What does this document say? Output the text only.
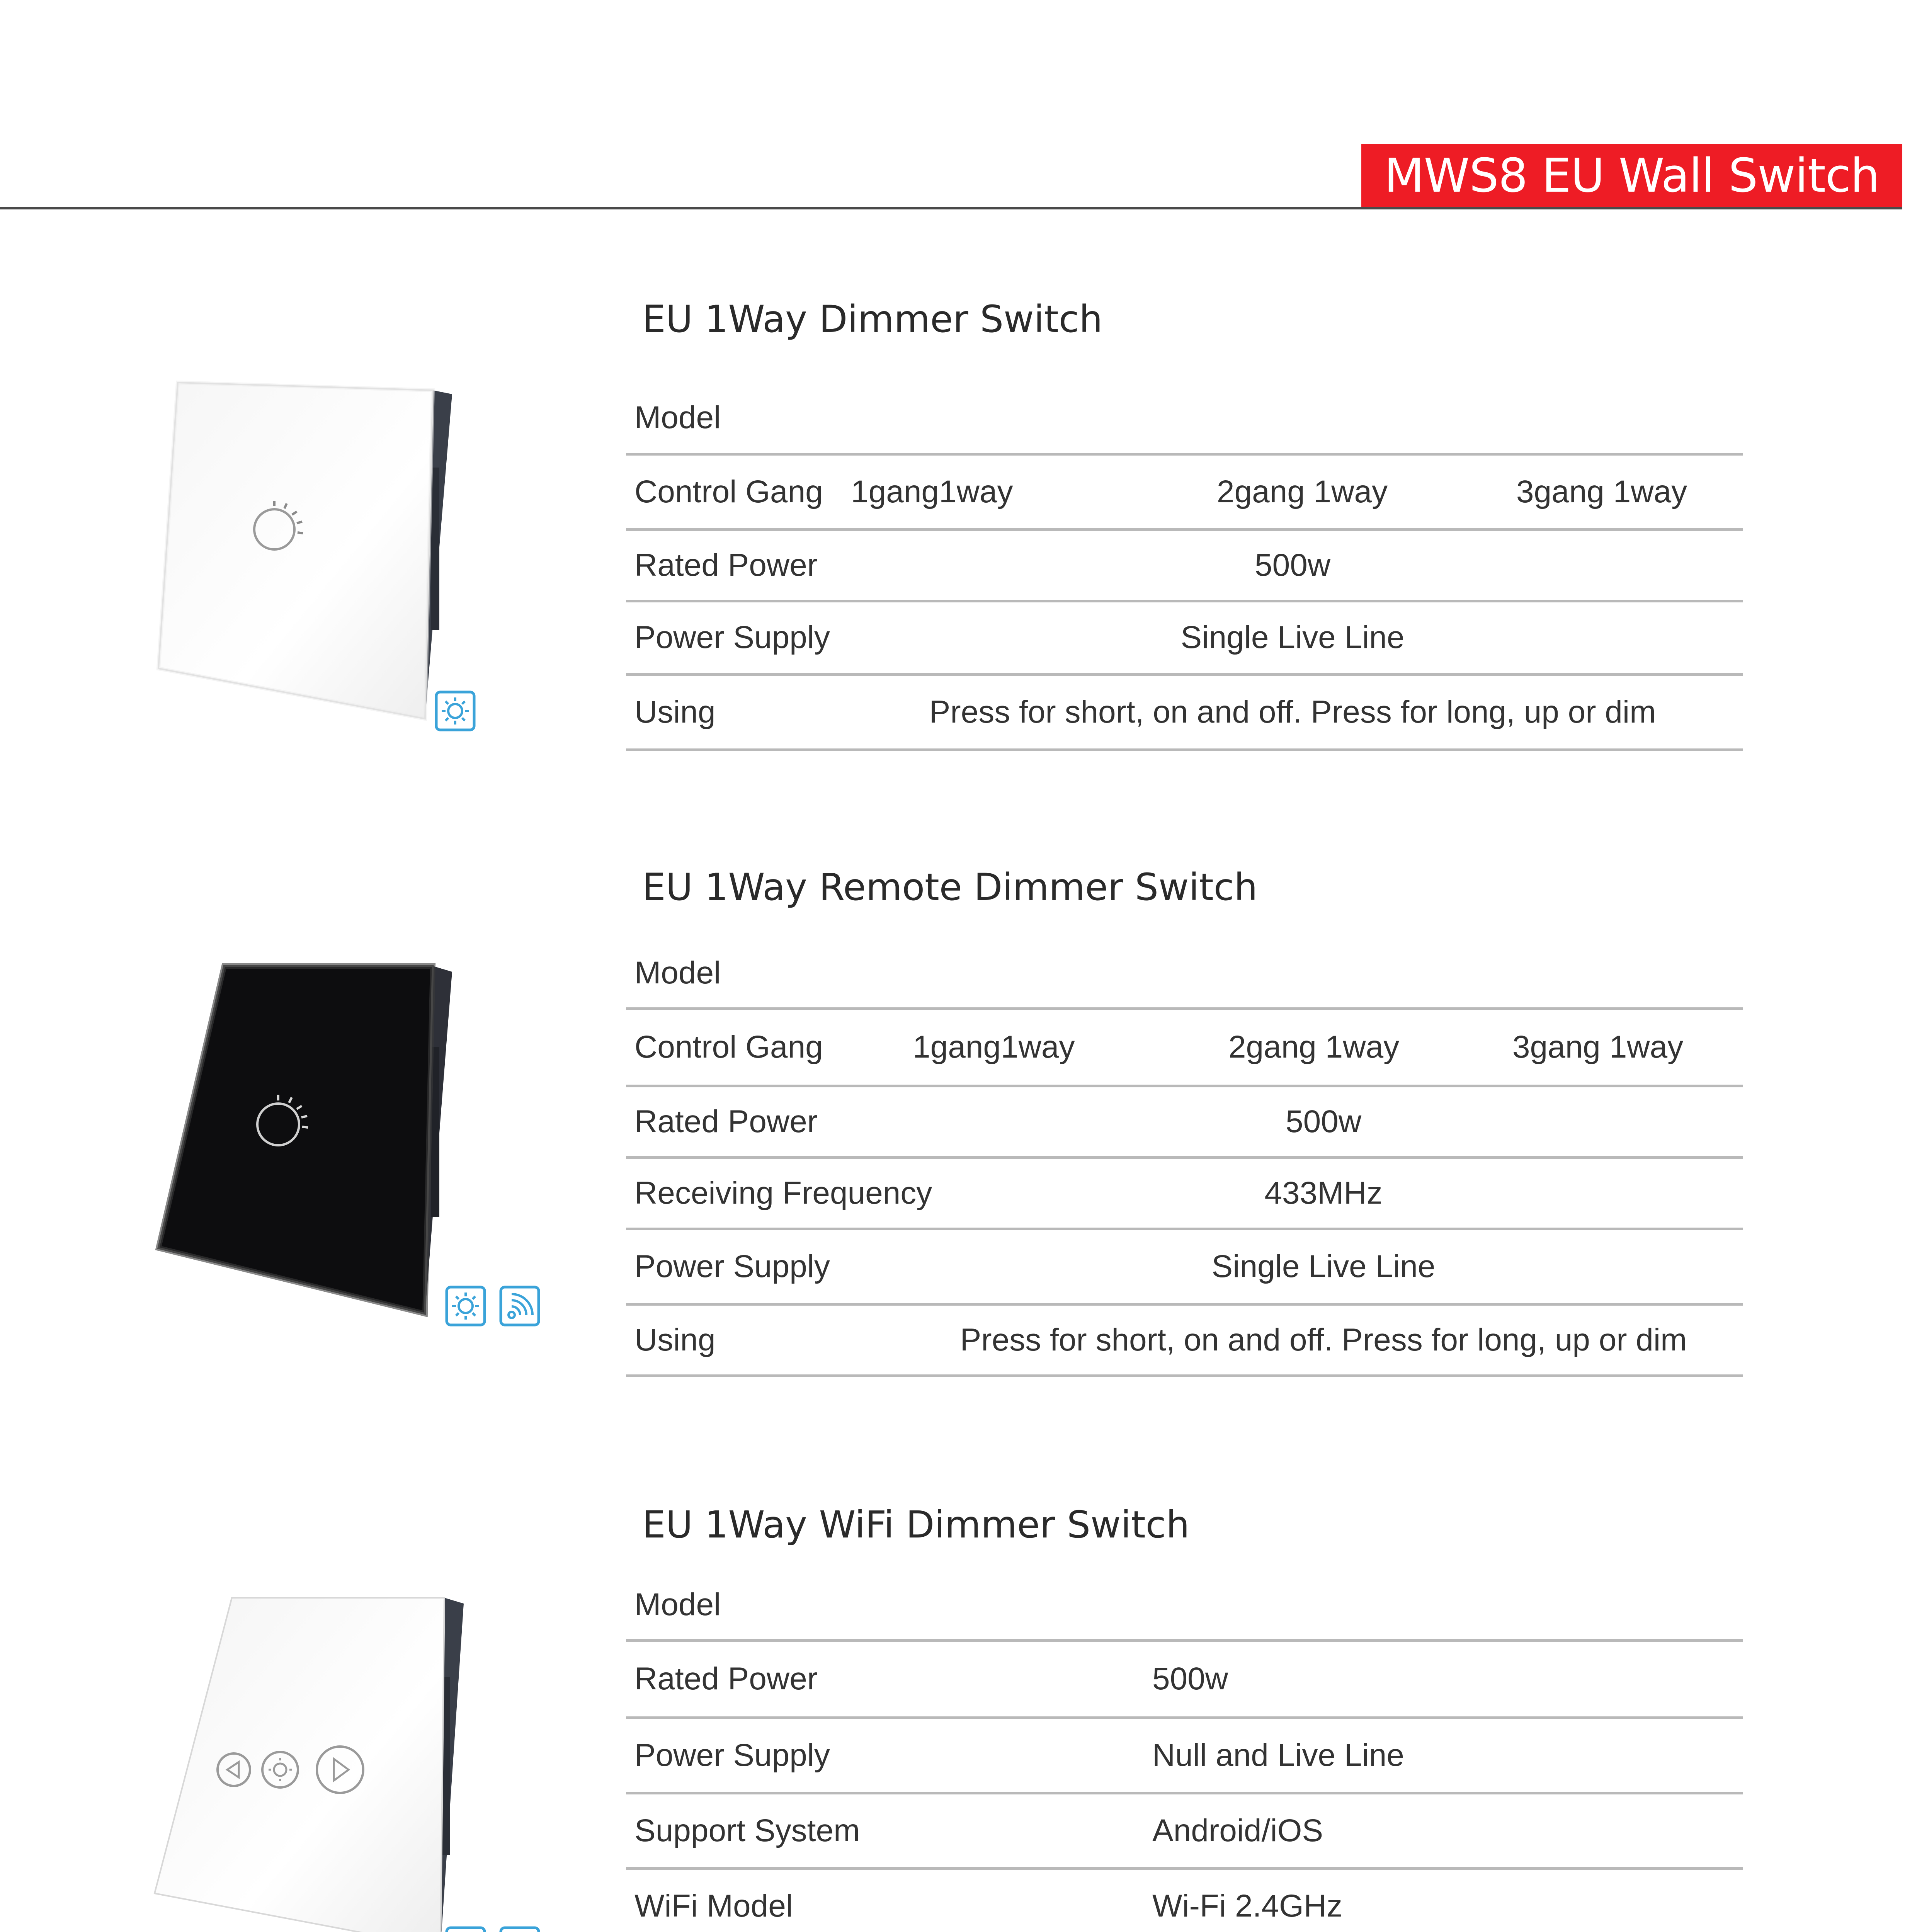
MWS8 EU Wall Switch
EU 1Way Dimmer Switch
Model			
Control Gang	1gang1way	2gang 1way	3gang 1way
Rated Power	500w		
Power Supply	Single Live Line		
Using	Press for short, on and off. Press for long, up or dim		
EU 1Way Remote Dimmer Switch
Model			
Control Gang	1gang1way	2gang 1way	3gang 1way
Rated Power	500w		
Receiving Frequency	433MHz		
Power Supply	Single Live Line		
Using	Press for short, on and off. Press for long, up or dim		
EU 1Way WiFi Dimmer Switch
Model	
Rated Power	500w
Power Supply	Null and Live Line
Support System	Android/iOS
WiFi Model	Wi-Fi 2.4GHz
